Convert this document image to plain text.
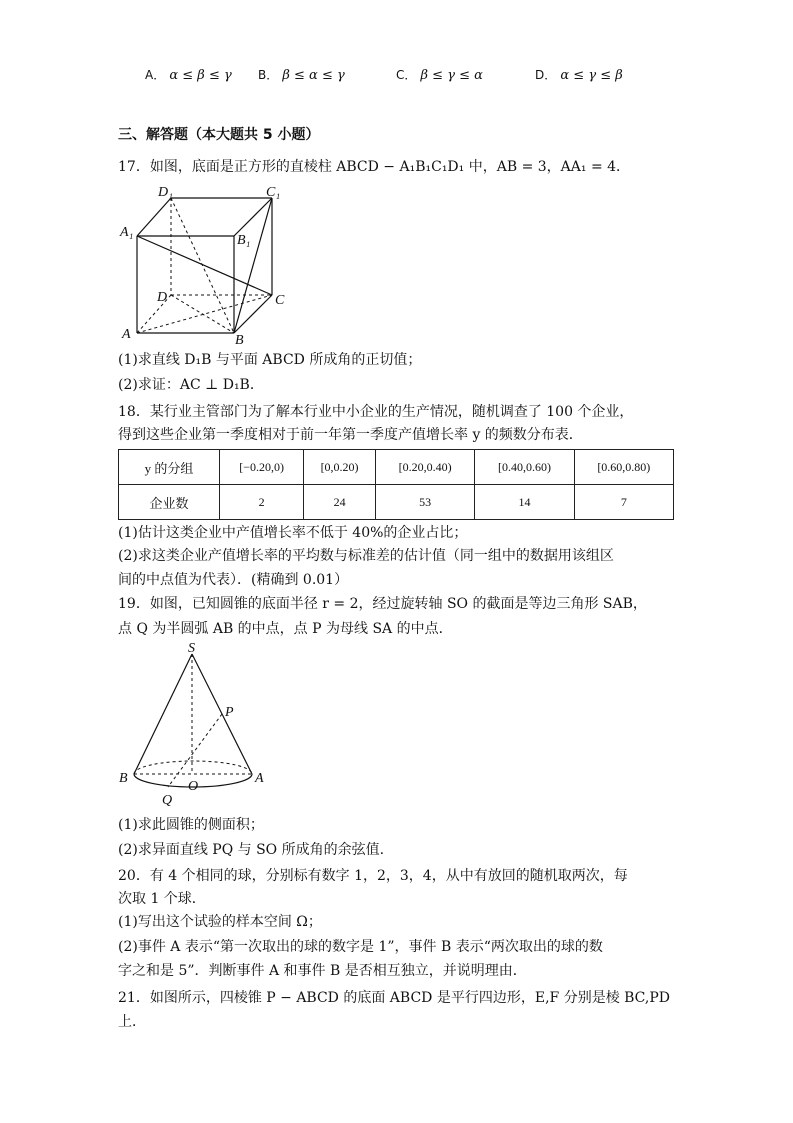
A． α ≤ β ≤ γ B． β ≤ α ≤ γ	C． β ≤ γ ≤ α	D． α ≤ γ ≤ β
三、解答题（本大题共 5 小题）
17．如图，底面是正方形的直棱柱 ABCD − A₁B₁C₁D₁ 中，AB = 3，AA₁ = 4．
D₁	C₁
A₁
B₁
D	C
A	B
(1)求直线 D₁B 与平面 ABCD 所成角的正切值；
(2)求证：AC ⊥ D₁B．
18．某行业主管部门为了解本行业中小企业的生产情况，随机调查了 100 个企业，
得到这些企业第一季度相对于前一年第一季度产值增长率 y 的频数分布表．
y 的分组	[−0.20,0)	[0,0.20)	[0.20,0.40)	[0.40,0.60)	[0.60,0.80)
企业数	2	24	53	14	7
(1)估计这类企业中产值增长率不低于 40%的企业占比；
(2)求这类企业产值增长率的平均数与标准差的估计值（同一组中的数据用该组区
间的中点值为代表）．(精确到 0.01）
19．如图，已知圆锥的底面半径 r = 2，经过旋转轴 SO 的截面是等边三角形 SAB，
点 Q 为半圆弧 AB 的中点，点 P 为母线 SA 的中点．
S
P
B	A
O
Q
(1)求此圆锥的侧面积；
(2)求异面直线 PQ 与 SO 所成角的余弦值.
20．有 4 个相同的球，分别标有数字 1，2，3，4，从中有放回的随机取两次，每
次取 1 个球．
(1)写出这个试验的样本空间 Ω；
(2)事件 A 表示“第一次取出的球的数字是 1”，事件 B 表示“两次取出的球的数
字之和是 5”．判断事件 A 和事件 B 是否相互独立，并说明理由．
21．如图所示，四棱锥 P − ABCD 的底面 ABCD 是平行四边形，E,F 分别是棱 BC,PD
上．
